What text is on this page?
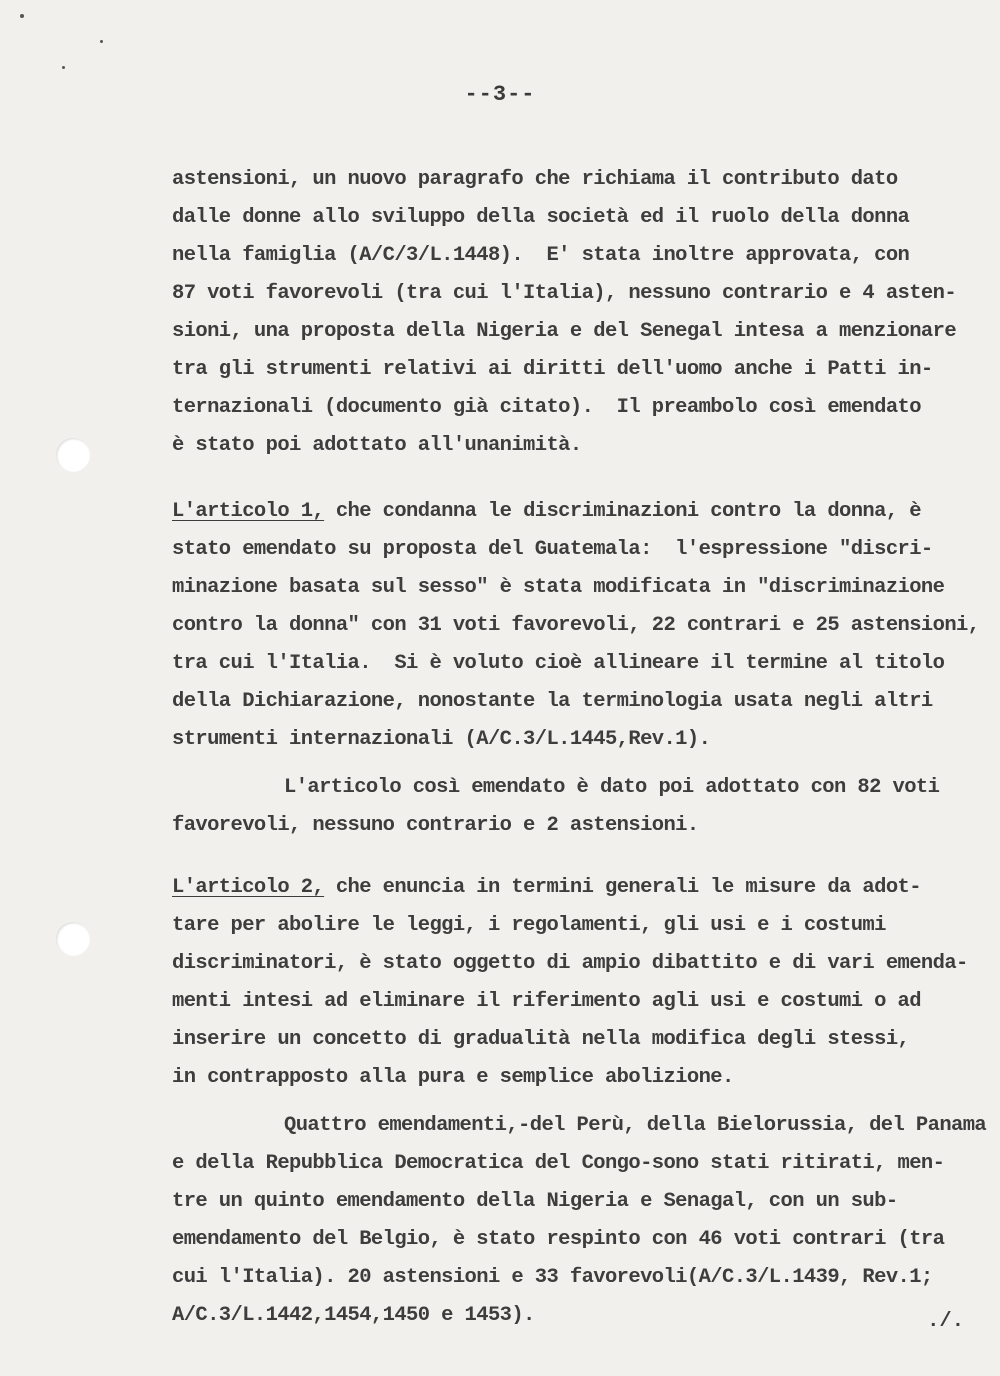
--3--

astensioni, un nuovo paragrafo che richiama il contributo dato

dalle donne allo sviluppo della società ed il ruolo della donna

nella famiglia (A/C/3/L.1448).  E' stata inoltre approvata, con

87 voti favorevoli (tra cui l'Italia), nessuno contrario e 4 asten-

sioni, una proposta della Nigeria e del Senegal intesa a menzionare

tra gli strumenti relativi ai diritti dell'uomo anche i Patti in-

ternazionali (documento già citato).  Il preambolo così emendato

è stato poi adottato all'unanimità.

L'articolo 1, che condanna le discriminazioni contro la donna, è

stato emendato su proposta del Guatemala:  l'espressione "discri-

minazione basata sul sesso" è stata modificata in "discriminazione

contro la donna" con 31 voti favorevoli, 22 contrari e 25 astensioni,

tra cui l'Italia.  Si è voluto cioè allineare il termine al titolo

della Dichiarazione, nonostante la terminologia usata negli altri

strumenti internazionali (A/C.3/L.1445,Rev.1).

L'articolo così emendato è dato poi adottato con 82 voti

favorevoli, nessuno contrario e 2 astensioni.

L'articolo 2, che enuncia in termini generali le misure da adot-

tare per abolire le leggi, i regolamenti, gli usi e i costumi

discriminatori, è stato oggetto di ampio dibattito e di vari emenda-

menti intesi ad eliminare il riferimento agli usi e costumi o ad

inserire un concetto di gradualità nella modifica degli stessi,

in contrapposto alla pura e semplice abolizione.

Quattro emendamenti,-del Perù, della Bielorussia, del Panama

e della Repubblica Democratica del Congo-sono stati ritirati, men-

tre un quinto emendamento della Nigeria e Senagal, con un sub-

emendamento del Belgio, è stato respinto con 46 voti contrari (tra

cui l'Italia). 20 astensioni e 33 favorevoli(A/C.3/L.1439, Rev.1;

A/C.3/L.1442,1454,1450 e 1453).

	./.
